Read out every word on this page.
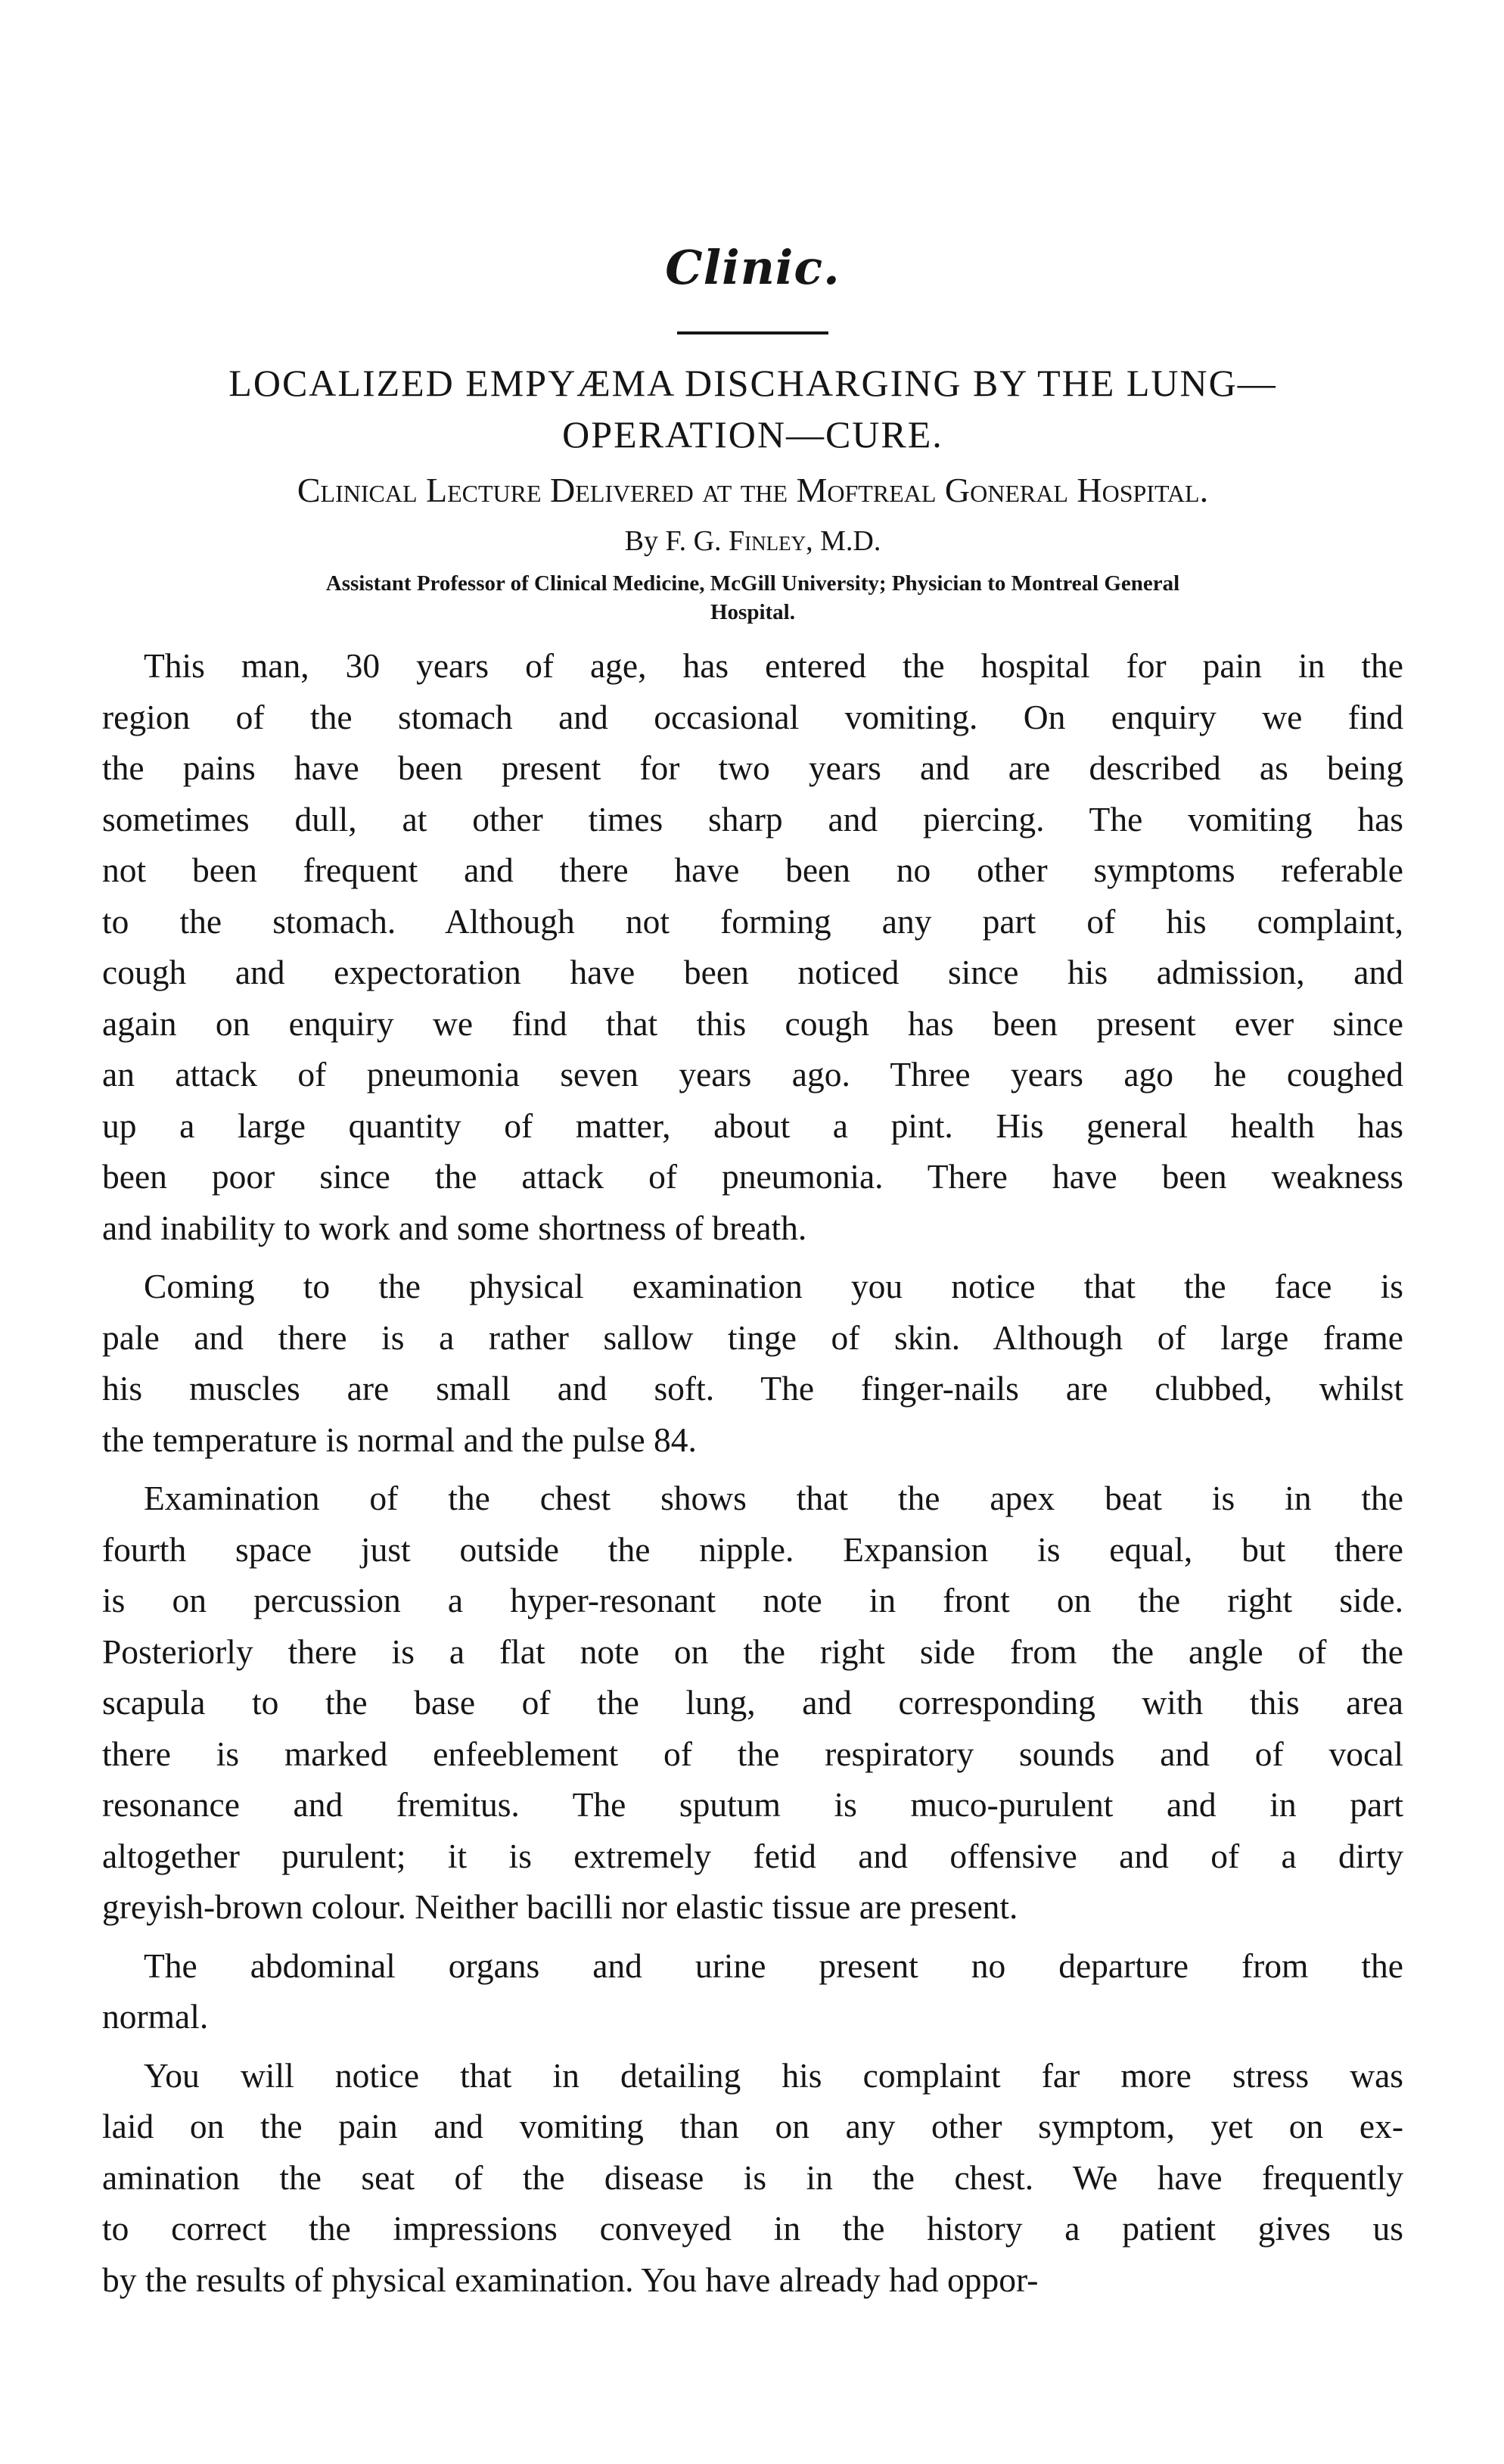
Clinic.
LOCALIZED EMPYÆMA DISCHARGING BY THE LUNG—
OPERATION—CURE.

Clinical Lecture Delivered at the Moftreal Goneral Hospital.

By F. G. Finley, M.D.

Assistant Professor of Clinical Medicine, McGill University; Physician to Montreal General
Hospital.

This man, 30 years of age, has entered the hospital for pain in the

region of the stomach and occasional vomiting. On enquiry we find

the pains have been present for two years and are described as being

sometimes dull, at other times sharp and piercing. The vomiting has

not been frequent and there have been no other symptoms referable

to the stomach. Although not forming any part of his complaint,

cough and expectoration have been noticed since his admission, and

again on enquiry we find that this cough has been present ever since

an attack of pneumonia seven years ago. Three years ago he coughed

up a large quantity of matter, about a pint. His general health has

been poor since the attack of pneumonia. There have been weakness

and inability to work and some shortness of breath.

Coming to the physical examination you notice that the face is

pale and there is a rather sallow tinge of skin. Although of large frame

his muscles are small and soft. The finger-nails are clubbed, whilst

the temperature is normal and the pulse 84.

Examination of the chest shows that the apex beat is in the

fourth space just outside the nipple. Expansion is equal, but there

is on percussion a hyper-resonant note in front on the right side.

Posteriorly there is a flat note on the right side from the angle of the

scapula to the base of the lung, and corresponding with this area

there is marked enfeeblement of the respiratory sounds and of vocal

resonance and fremitus. The sputum is muco-purulent and in part

altogether purulent; it is extremely fetid and offensive and of a dirty

greyish-brown colour. Neither bacilli nor elastic tissue are present.

The abdominal organs and urine present no departure from the

normal.

You will notice that in detailing his complaint far more stress was

laid on the pain and vomiting than on any other symptom, yet on ex-

amination the seat of the disease is in the chest. We have frequently

to correct the impressions conveyed in the history a patient gives us

by the results of physical examination. You have already had oppor-
